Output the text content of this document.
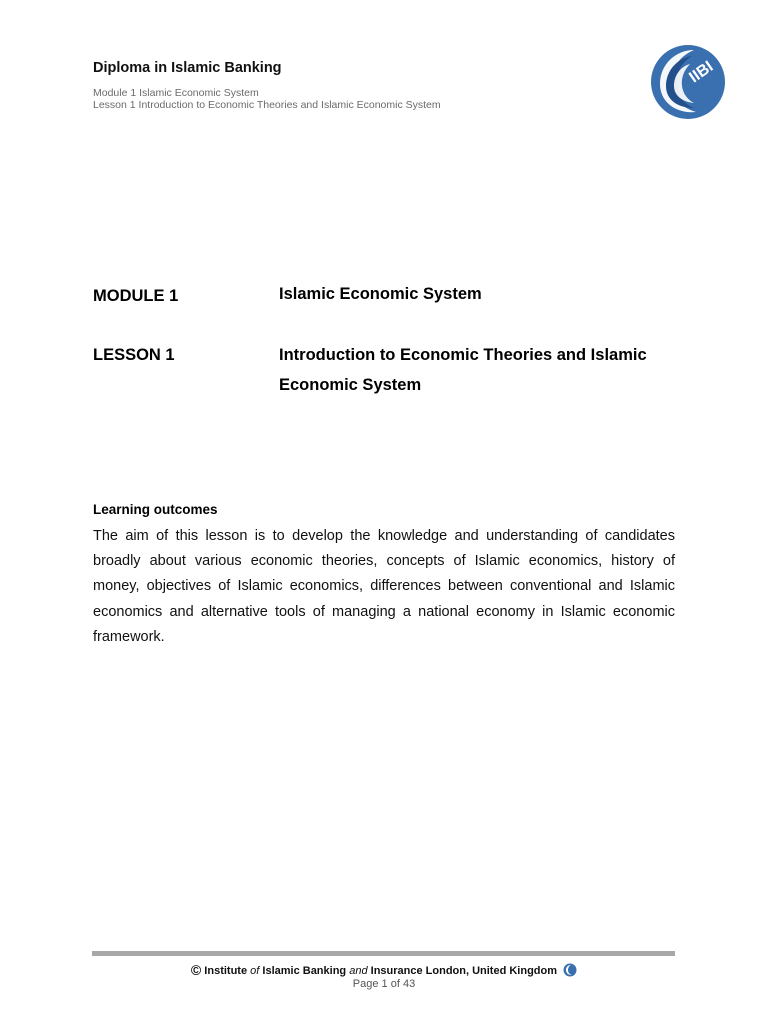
Diploma in Islamic Banking
Module 1 Islamic Economic System
Lesson 1 Introduction to Economic Theories and Islamic Economic System
IIBI
MODULE 1	Islamic Economic System
LESSON 1	Introduction to Economic Theories and Islamic Economic System
Learning outcomes
The aim of this lesson is to develop the knowledge and understanding of candidates broadly about various economic theories, concepts of Islamic economics, history of money, objectives of Islamic economics, differences between conventional and Islamic economics and alternative tools of managing a national economy in Islamic economic framework.
© Institute of Islamic Banking and Insurance London, United Kingdom
Page 1 of 43
